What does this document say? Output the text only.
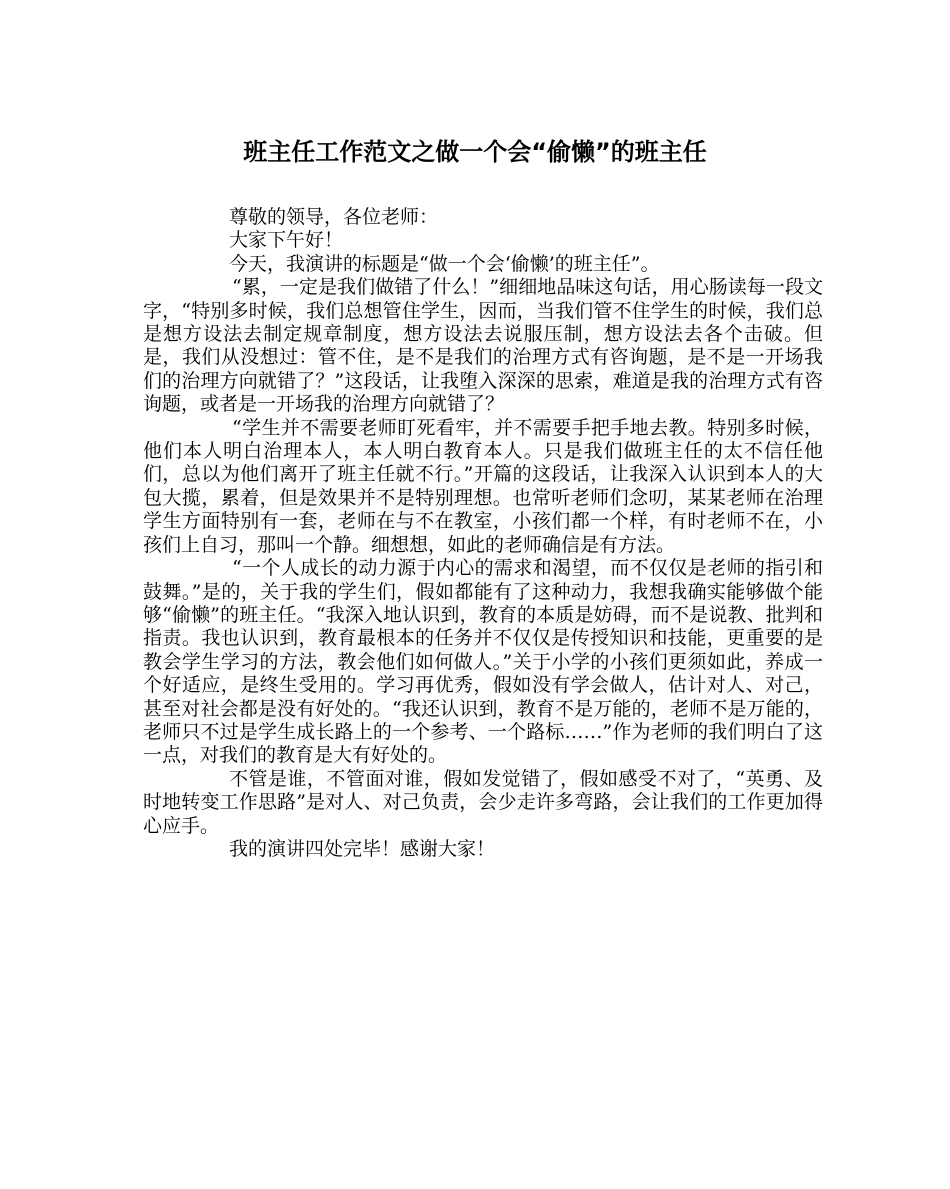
班主任工作范文之做一个会“偷懒”的班主任

尊敬的领导，各位老师：

大家下午好！

今天，我演讲的标题是“做一个会‘偷懒’的班主任”。

“累，一定是我们做错了什么！”细细地品味这句话，用心肠读每一段文字，“特别多时候，我们总想管住学生，因而，当我们管不住学生的时候，我们总是想方设法去制定规章制度，想方设法去说服压制，想方设法去各个击破。但是，我们从没想过：管不住，是不是我们的治理方式有咨询题，是不是一开场我们的治理方向就错了？”这段话，让我堕入深深的思索，难道是我的治理方式有咨询题，或者是一开场我的治理方向就错了？

“学生并不需要老师盯死看牢，并不需要手把手地去教。特别多时候，他们本人明白治理本人，本人明白教育本人。只是我们做班主任的太不信任他们，总以为他们离开了班主任就不行。”开篇的这段话，让我深入认识到本人的大包大揽，累着，但是效果并不是特别理想。也常听老师们念叨，某某老师在治理学生方面特别有一套，老师在与不在教室，小孩们都一个样，有时老师不在，小孩们上自习，那叫一个静。细想想，如此的老师确信是有方法。

“一个人成长的动力源于内心的需求和渴望，而不仅仅是老师的指引和鼓舞。”是的，关于我的学生们，假如都能有了这种动力，我想我确实能够做个能够“偷懒”的班主任。“我深入地认识到，教育的本质是妨碍，而不是说教、批判和指责。我也认识到，教育最根本的任务并不仅仅是传授知识和技能，更重要的是教会学生学习的方法，教会他们如何做人。”关于小学的小孩们更须如此，养成一个好适应，是终生受用的。学习再优秀，假如没有学会做人，估计对人、对己，甚至对社会都是没有好处的。“我还认识到，教育不是万能的，老师不是万能的，老师只不过是学生成长路上的一个参考、一个路标……”作为老师的我们明白了这一点，对我们的教育是大有好处的。

不管是谁，不管面对谁，假如发觉错了，假如感受不对了，“英勇、及时地转变工作思路”是对人、对己负责，会少走许多弯路，会让我们的工作更加得心应手。

我的演讲四处完毕！感谢大家！
